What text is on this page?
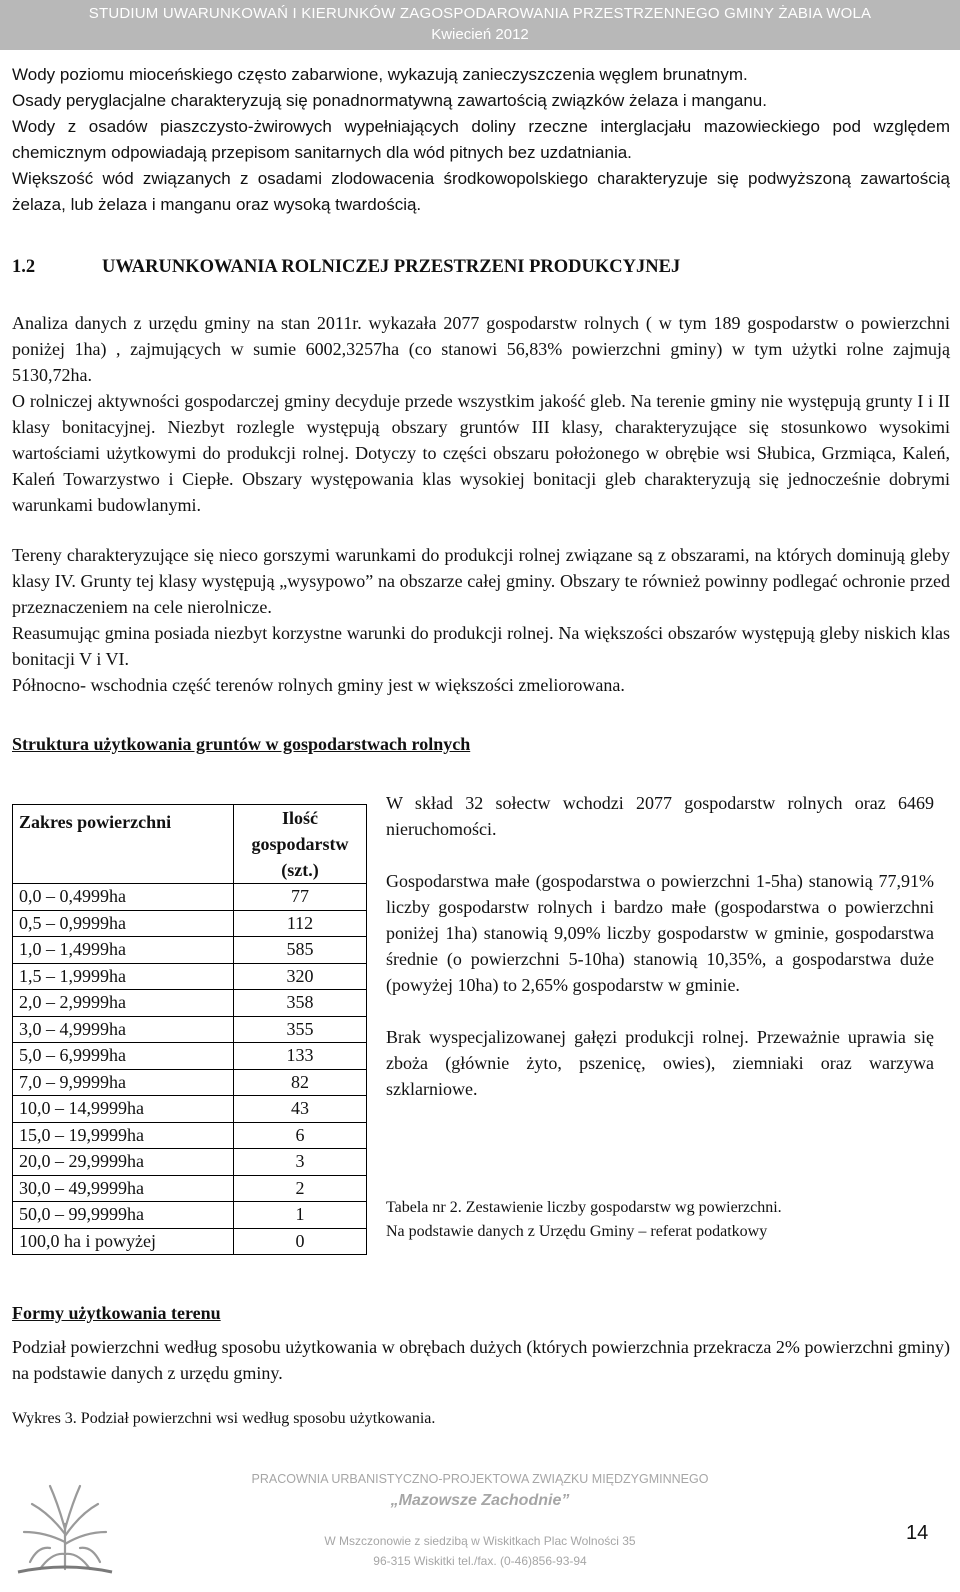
STUDIUM UWARUNKOWAŃ I KIERUNKÓW ZAGOSPODAROWANIA PRZESTRZENNEGO GMINY ŻABIA WOLA
Kwiecień 2012
Wody poziomu mioceńskiego często zabarwione, wykazują zanieczyszczenia węglem brunatnym.
Osady peryglacjalne charakteryzują się ponadnormatywną zawartością związków żelaza i manganu.
Wody z osadów piaszczysto-żwirowych wypełniających doliny rzeczne interglacjału mazowieckiego pod względem chemicznym odpowiadają przepisom sanitarnych dla wód pitnych bez uzdatniania.
Większość wód związanych z osadami zlodowacenia środkowopolskiego charakteryzuje się podwyższoną zawartością żelaza, lub żelaza i manganu oraz wysoką twardością.
1.2	UWARUNKOWANIA ROLNICZEJ PRZESTRZENI PRODUKCYJNEJ
Analiza danych z urzędu gminy na stan 2011r. wykazała 2077 gospodarstw rolnych ( w tym 189 gospodarstw o powierzchni poniżej 1ha) , zajmujących w sumie 6002,3257ha (co stanowi 56,83% powierzchni gminy) w tym użytki rolne zajmują 5130,72ha.
O rolniczej aktywności gospodarczej gminy decyduje przede wszystkim jakość gleb. Na terenie gminy nie występują grunty I i II klasy bonitacyjnej. Niezbyt rozlegle występują obszary gruntów III klasy, charakteryzujące się stosunkowo wysokimi wartościami użytkowymi do produkcji rolnej. Dotyczy to części obszaru położonego w obrębie wsi Słubica, Grzmiąca, Kaleń, Kaleń Towarzystwo i Ciepłe. Obszary występowania klas wysokiej bonitacji gleb charakteryzują się jednocześnie dobrymi warunkami budowlanymi.
Tereny charakteryzujące się nieco gorszymi warunkami do produkcji rolnej związane są z obszarami, na których dominują gleby klasy IV. Grunty tej klasy występują „wysypowo” na obszarze całej gminy. Obszary te również powinny podlegać ochronie przed przeznaczeniem na cele nierolnicze.
Reasumując gmina posiada niezbyt korzystne warunki do produkcji rolnej. Na większości obszarów występują gleby niskich klas bonitacji V i VI.
Północno- wschodnia część terenów rolnych gminy jest w większości zmeliorowana.
Struktura użytkowania gruntów w gospodarstwach rolnych
Zakres powierzchni	Ilość gospodarstw (szt.)
0,0 – 0,4999ha	77
0,5 – 0,9999ha	112
1,0 – 1,4999ha	585
1,5 – 1,9999ha	320
2,0 – 2,9999ha	358
3,0 – 4,9999ha	355
5,0 – 6,9999ha	133
7,0 – 9,9999ha	82
10,0 – 14,9999ha	43
15,0 – 19,9999ha	6
20,0 – 29,9999ha	3
30,0 – 49,9999ha	2
50,0 – 99,9999ha	1
100,0 ha i powyżej	0
W skład 32 sołectw wchodzi 2077 gospodarstw rolnych oraz 6469 nieruchomości.
Gospodarstwa małe (gospodarstwa o powierzchni 1-5ha) stanowią 77,91% liczby gospodarstw rolnych i bardzo małe (gospodarstwa o powierzchni poniżej 1ha) stanowią 9,09% liczby gospodarstw w gminie, gospodarstwa średnie (o powierzchni 5-10ha) stanowią 10,35%, a gospodarstwa duże (powyżej 10ha) to 2,65% gospodarstw w gminie.
Brak wyspecjalizowanej gałęzi produkcji rolnej. Przeważnie uprawia się zboża (głównie żyto, pszenicę, owies), ziemniaki oraz warzywa szklarniowe.
Tabela nr 2. Zestawienie liczby gospodarstw wg powierzchni.
Na podstawie danych z Urzędu Gminy – referat podatkowy
Formy użytkowania terenu
Podział powierzchni według sposobu użytkowania w obrębach dużych (których powierzchnia przekracza 2% powierzchni gminy) na podstawie danych z urzędu gminy.
Wykres 3. Podział powierzchni wsi według sposobu użytkowania.
PRACOWNIA URBANISTYCZNO-PROJEKTOWA ZWIĄZKU MIĘDZYGMINNEGO
„Mazowsze Zachodnie”
W Mszczonowie z siedzibą w Wiskitkach Plac Wolności 35
96-315 Wiskitki tel./fax. (0-46)856-93-94
14
